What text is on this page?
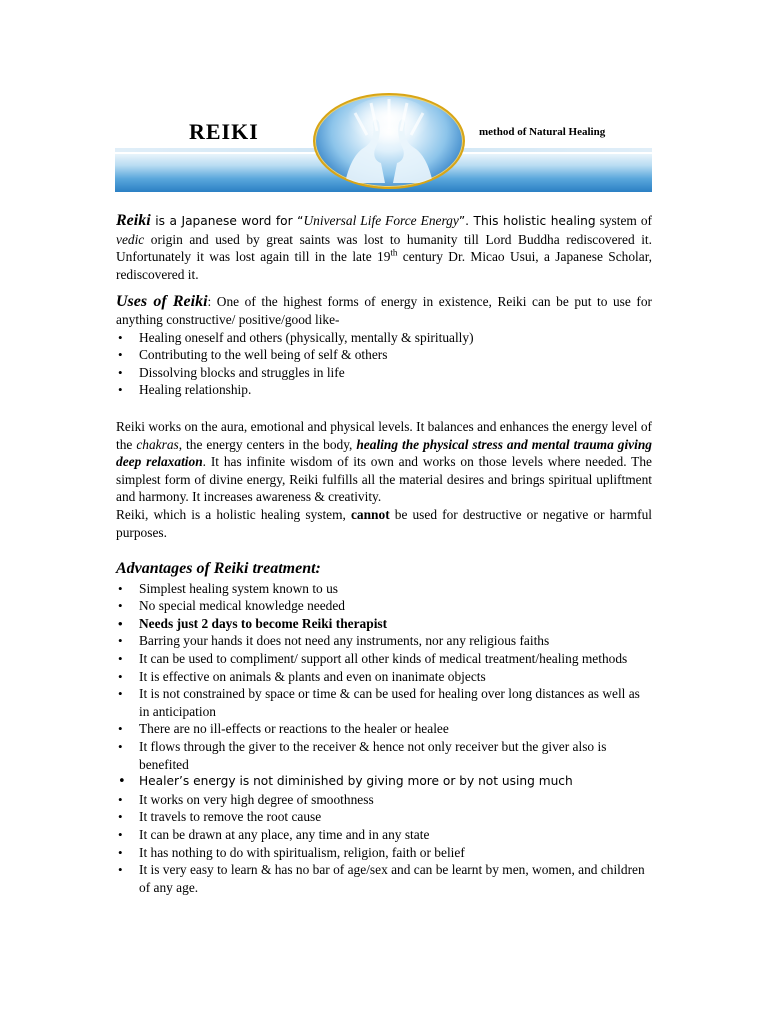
REIKI	method of Natural Healing

Reiki is a Japanese word for “Universal Life Force Energy”. This holistic healing system of vedic origin and used by great saints was lost to humanity till Lord Buddha rediscovered it. Unfortunately it was lost again till in the late 19th century Dr. Micao Usui, a Japanese Scholar, rediscovered it.

Uses of Reiki: One of the highest forms of energy in existence, Reiki can be put to use for anything constructive/ positive/good like-

• Healing oneself and others (physically, mentally & spiritually)
• Contributing to the well being of self & others
• Dissolving blocks and struggles in life
• Healing relationship.

Reiki works on the aura, emotional and physical levels. It balances and enhances the energy level of the chakras, the energy centers in the body, healing the physical stress and mental trauma giving deep relaxation. It has infinite wisdom of its own and works on those levels where needed. The simplest form of divine energy, Reiki fulfills all the material desires and brings spiritual upliftment and harmony. It increases awareness & creativity.

Reiki, which is a holistic healing system, cannot be used for destructive or negative or harmful purposes.

Advantages of Reiki treatment:
• Simplest healing system known to us
• No special medical knowledge needed
• Needs just 2 days to become Reiki therapist
• Barring your hands it does not need any instruments, nor any religious faiths
• It can be used to compliment/ support all other kinds of medical treatment/healing methods
• It is effective on animals & plants and even on inanimate objects
• It is not constrained by space or time & can be used for healing over long distances as well as in anticipation
• There are no ill-effects or reactions to the healer or healee
• It flows through the giver to the receiver & hence not only receiver but the giver also is benefited
• Healer’s energy is not diminished by giving more or by not using much
• It works on very high degree of smoothness
• It travels to remove the root cause
• It can be drawn at any place, any time and in any state
• It has nothing to do with spiritualism, religion, faith or belief
• It is very easy to learn & has no bar of age/sex and can be learnt by men, women, and children of any age.
